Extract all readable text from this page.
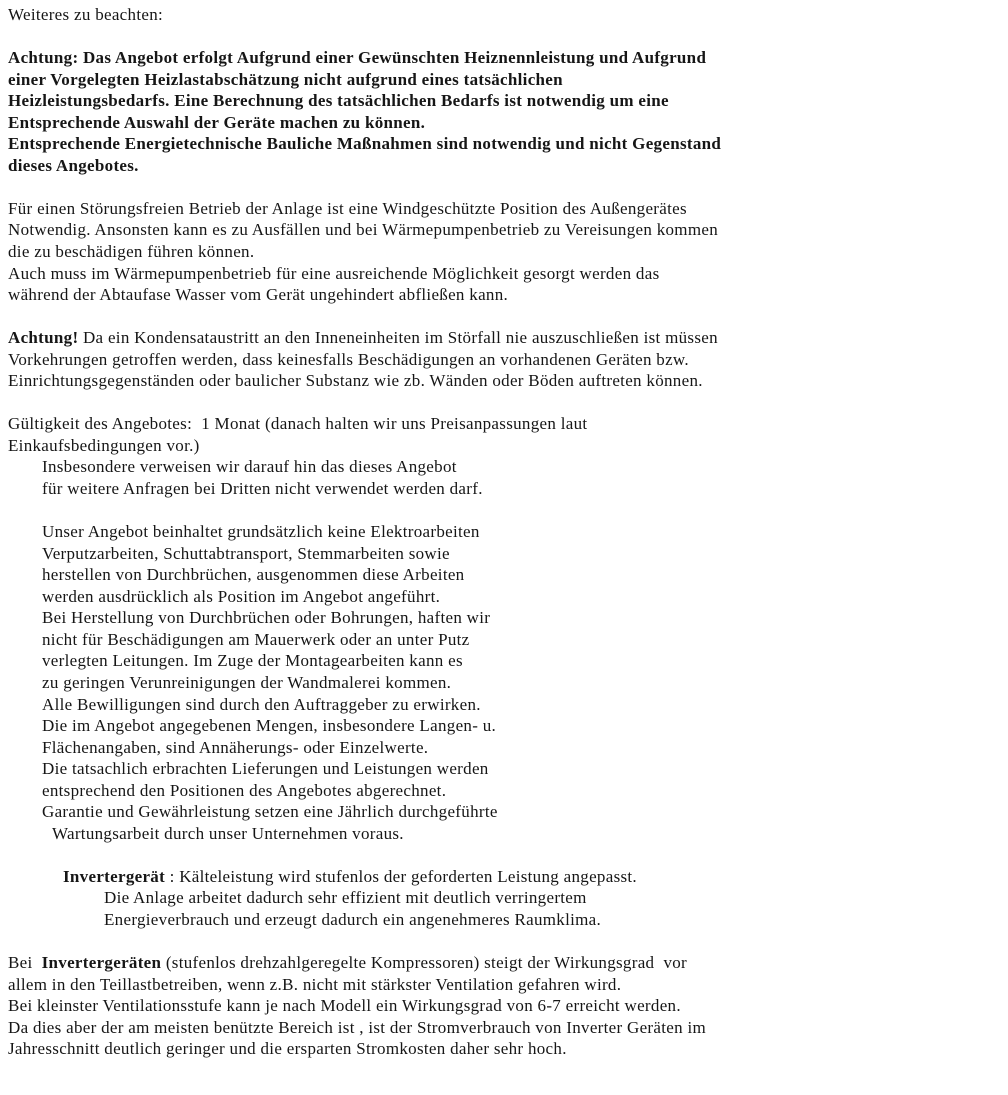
Weiteres zu beachten:
Achtung: Das Angebot erfolgt Aufgrund einer Gewünschten Heiznennleistung und Aufgrund
einer Vorgelegten Heizlastabschätzung nicht aufgrund eines tatsächlichen
Heizleistungsbedarfs. Eine Berechnung des tatsächlichen Bedarfs ist notwendig um eine
Entsprechende Auswahl der Geräte machen zu können.
Entsprechende Energietechnische Bauliche Maßnahmen sind notwendig und nicht Gegenstand
dieses Angebotes.
Für einen Störungsfreien Betrieb der Anlage ist eine Windgeschützte Position des Außengerätes
Notwendig. Ansonsten kann es zu Ausfällen und bei Wärmepumpenbetrieb zu Vereisungen kommen
die zu beschädigen führen können.
Auch muss im Wärmepumpenbetrieb für eine ausreichende Möglichkeit gesorgt werden das
während der Abtaufase Wasser vom Gerät ungehindert abfließen kann.
Achtung! Da ein Kondensataustritt an den Inneneinheiten im Störfall nie auszuschließen ist müssen
Vorkehrungen getroffen werden, dass keinesfalls Beschädigungen an vorhandenen Geräten bzw.
Einrichtungsgegenständen oder baulicher Substanz wie zb. Wänden oder Böden auftreten können.
Gültigkeit des Angebotes:  1 Monat (danach halten wir uns Preisanpassungen laut
Einkaufsbedingungen vor.)
Insbesondere verweisen wir darauf hin das dieses Angebot
für weitere Anfragen bei Dritten nicht verwendet werden darf.
Unser Angebot beinhaltet grundsätzlich keine Elektroarbeiten
Verputzarbeiten, Schuttabtransport, Stemmarbeiten sowie
herstellen von Durchbrüchen, ausgenommen diese Arbeiten
werden ausdrücklich als Position im Angebot angeführt.
Bei Herstellung von Durchbrüchen oder Bohrungen, haften wir
nicht für Beschädigungen am Mauerwerk oder an unter Putz
verlegten Leitungen. Im Zuge der Montagearbeiten kann es
zu geringen Verunreinigungen der Wandmalerei kommen.
Alle Bewilligungen sind durch den Auftraggeber zu erwirken.
Die im Angebot angegebenen Mengen, insbesondere Langen- u.
Flächenangaben, sind Annäherungs- oder Einzelwerte.
Die tatsachlich erbrachten Lieferungen und Leistungen werden
entsprechend den Positionen des Angebotes abgerechnet.
Garantie und Gewährleistung setzen eine Jährlich durchgeführte
Wartungsarbeit durch unser Unternehmen voraus.
Invertergerät : Kälteleistung wird stufenlos der geforderten Leistung angepasst.
Die Anlage arbeitet dadurch sehr effizient mit deutlich verringertem
Energieverbrauch und erzeugt dadurch ein angenehmeres Raumklima.
Bei  Invertergeräten (stufenlos drehzahlgeregelte Kompressoren) steigt der Wirkungsgrad  vor
allem in den Teillastbetreiben, wenn z.B. nicht mit stärkster Ventilation gefahren wird.
Bei kleinster Ventilationsstufe kann je nach Modell ein Wirkungsgrad von 6-7 erreicht werden.
Da dies aber der am meisten benützte Bereich ist , ist der Stromverbrauch von Inverter Geräten im
Jahresschnitt deutlich geringer und die ersparten Stromkosten daher sehr hoch.
